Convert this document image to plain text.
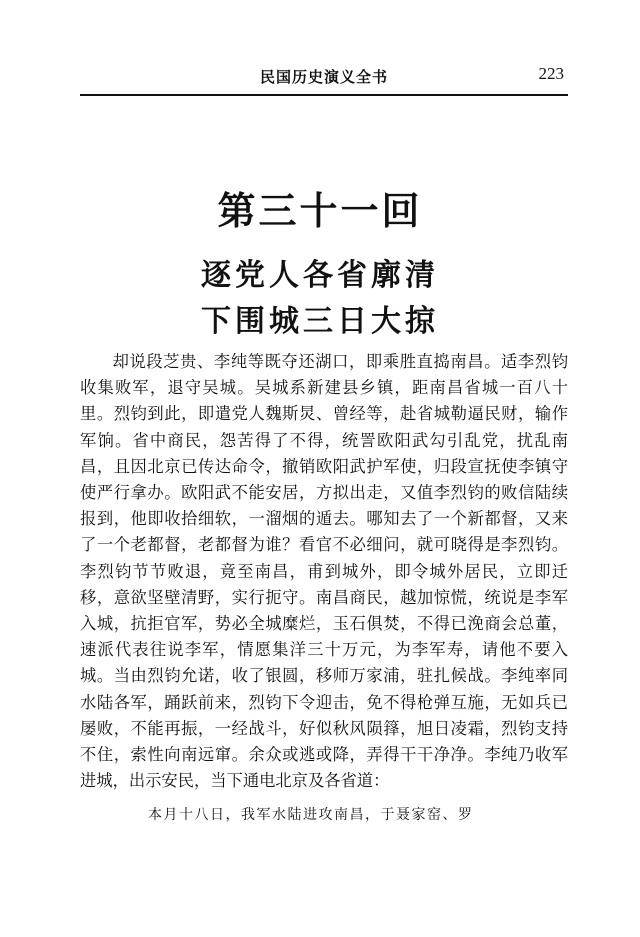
民国历史演义全书	223
第三十一回
逐党人各省廓清
下围城三日大掠

却说段芝贵、李纯等既夺还湖口，即乘胜直捣南昌。适李烈钧收集败军，退守吴城。吴城系新建县乡镇，距南昌省城一百八十里。烈钧到此，即遣党人魏斯炅、曾经等，赴省城勒逼民财，输作军饷。省中商民，怨苦得了不得，统詈欧阳武勾引乱党，扰乱南昌，且因北京已传达命令，撤销欧阳武护军使，归段宣抚使李镇守使严行拿办。欧阳武不能安居，方拟出走，又值李烈钧的败信陆续报到，他即收拾细软，一溜烟的遁去。哪知去了一个新都督，又来了一个老都督，老都督为谁？看官不必细问，就可晓得是李烈钧。李烈钧节节败退，竟至南昌，甫到城外，即令城外居民，立即迁移，意欲坚壁清野，实行扼守。南昌商民，越加惊慌，统说是李军入城，抗拒官军，势必全城糜烂，玉石俱焚，不得已浼商会总董，速派代表往说李军，情愿集洋三十万元，为李军寿，请他不要入城。当由烈钧允诺，收了银圆，移师万家浦，驻扎候战。李纯率同水陆各军，踊跃前来，烈钧下令迎击，免不得枪弹互施，无如兵已屡败，不能再振，一经战斗，好似秋风陨箨，旭日凌霜，烈钧支持不住，索性向南远窜。余众或逃或降，弄得干干净净。李纯乃收军进城，出示安民，当下通电北京及各省道：

本月十八日，我军水陆进攻南昌，于聂家窑、罗
